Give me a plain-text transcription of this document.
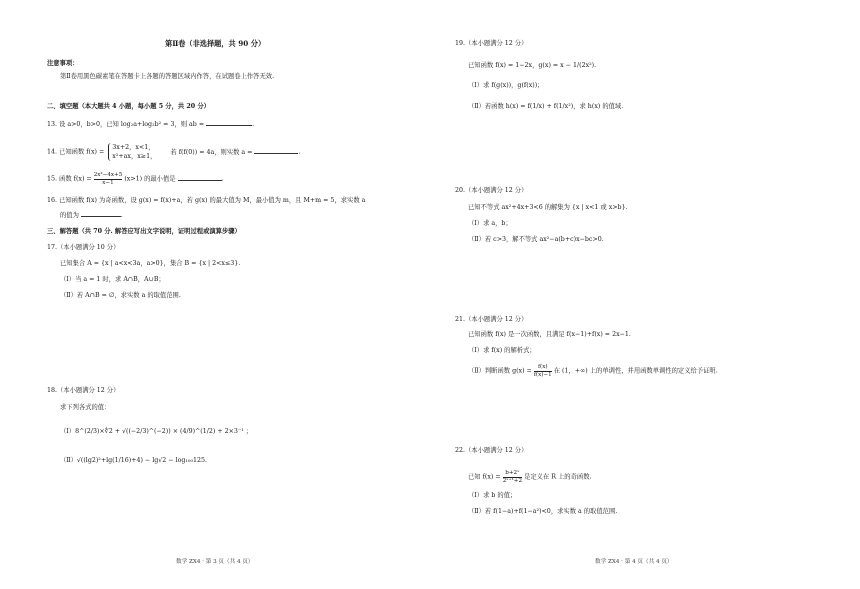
第Ⅱ卷（非选择题，共 90 分）
注意事项：
第Ⅱ卷用黑色碳素笔在答题卡上各题的答题区域内作答，在试题卷上作答无效.
二、填空题（本大题共 4 小题，每小题 5 分，共 20 分）
13. 设 a>0，b>0，已知 log₂a+log₂b² = 3，则 ab =	.
14. 已知函数 f(x) =
3x+2，x<1，
x²+ax，x≥1，
若 f(f(0)) = 4a，则实数 a =	.
15. 函数 $f(x) = \frac{\text{2x²−4x+5}}{x-1} (x>1)$ 的最小值是	.
16. 已知函数 f(x) 为奇函数，设 g(x) = f(x)+a，若 g(x) 的最大值为 M，最小值为 m，且 M+m = 5，求实数 a
的值为	.
三、解答题（共 70 分. 解答应写出文字说明，证明过程或演算步骤）
17.（本小题满分 10 分）
已知集合 A = {x | a<x<3a，a>0}，集合 B = {x | 2<x≤3}.
（Ⅰ）当 a = 1 时，求 A∩B，A∪B；
（Ⅱ）若 A∩B = ∅，求实数 a 的取值范围.
18.（本小题满分 12 分）
求下列各式的值：
（Ⅰ）8^(2/3)×∜2 + √((−2/3)^(−2)) × (4/9)^(1/2) + 2×3⁻¹ ；
（Ⅱ）√((lg2)²+lg(1/16)+4) − lg√2 − log₁₀₀125.
数学 ZX4 · 第 3 页（共 4 页）
19.（本小题满分 12 分）
已知函数 f(x) = 1−2x，g(x) = x − 1/(2x²).
（Ⅰ）求 f(g(x))，g(f(x))；
（Ⅱ）若函数 h(x) = f(1/x) + f(1/x²)，求 h(x) 的值域.
20.（本小题满分 12 分）
已知不等式 ax²+4x+3<6 的解集为 {x | x<1 或 x>b}.
（Ⅰ）求 a，b；
（Ⅱ）若 c>3，解不等式 ax²−a(b+c)x−bc>0.
21.（本小题满分 12 分）
已知函数 f(x) 是一次函数，且满足 f(x−1)+f(x) = 2x−1.
（Ⅰ）求 f(x) 的解析式；
（Ⅱ）判断函数 $g(x) = \frac{f(x)}{f(x)-1}$ 在 (1，+∞) 上的单调性，并用函数单调性的定义给予证明.
22.（本小题满分 12 分）
已知 $f(x) = \frac{\text{b+2ˣ}}{\text{2ˣ⁺¹+2}}$ 是定义在 R 上的奇函数.
（Ⅰ）求 b 的值；
（Ⅱ）若 f(1−a)+f(1−a²)<0，求实数 a 的取值范围.
数学 ZX4 · 第 4 页（共 4 页）
